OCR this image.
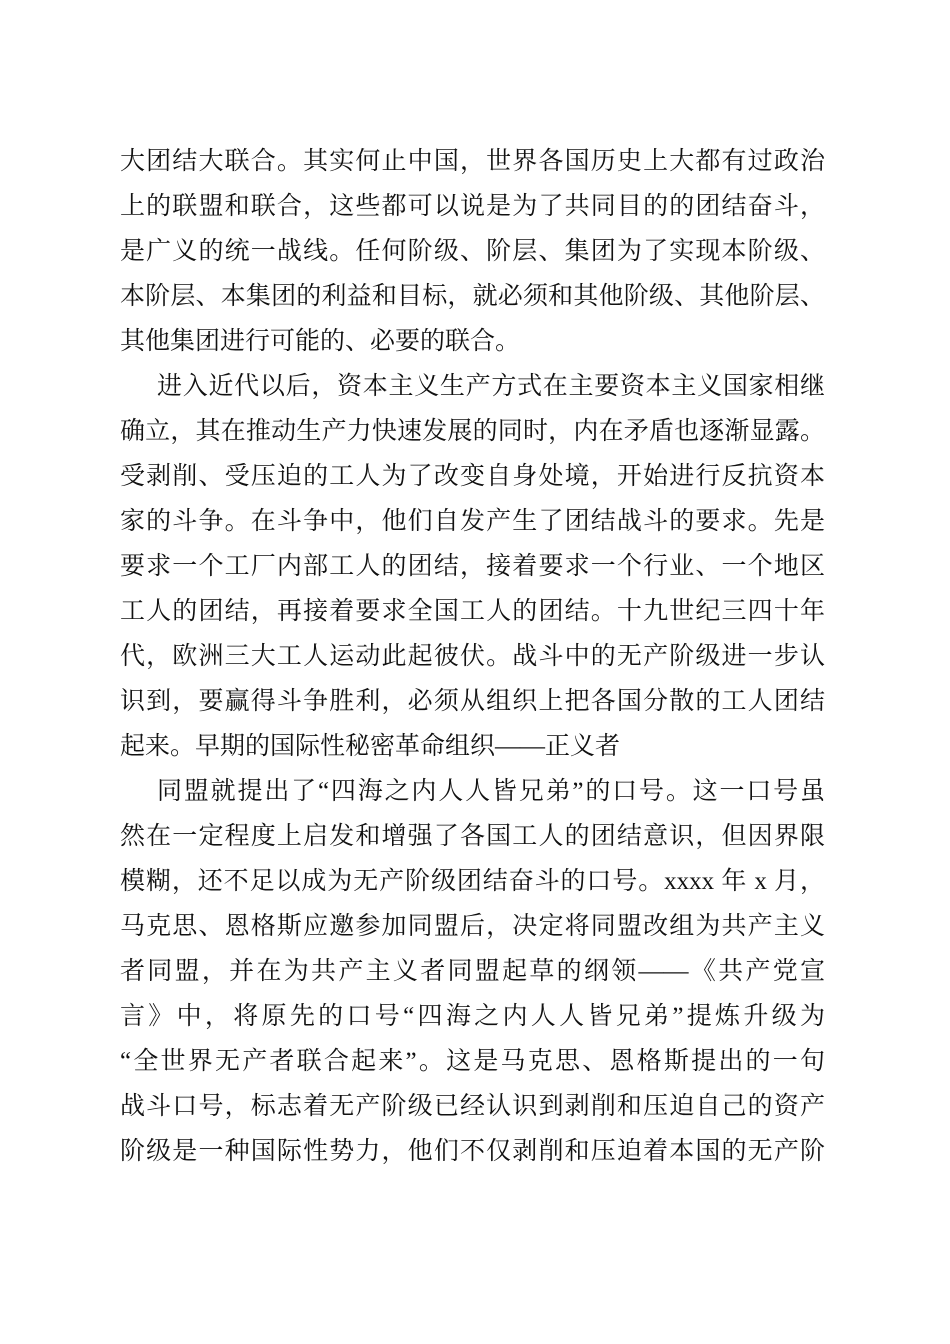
大团结大联合。其实何止中国，世界各国历史上大都有过政治
上的联盟和联合，这些都可以说是为了共同目的的团结奋斗，
是广义的统一战线。任何阶级、阶层、集团为了实现本阶级、
本阶层、本集团的利益和目标，就必须和其他阶级、其他阶层、
其他集团进行可能的、必要的联合。
进入近代以后，资本主义生产方式在主要资本主义国家相继
确立，其在推动生产力快速发展的同时，内在矛盾也逐渐显露。
受剥削、受压迫的工人为了改变自身处境，开始进行反抗资本
家的斗争。在斗争中，他们自发产生了团结战斗的要求。先是
要求一个工厂内部工人的团结，接着要求一个行业、一个地区
工人的团结，再接着要求全国工人的团结。十九世纪三四十年
代，欧洲三大工人运动此起彼伏。战斗中的无产阶级进一步认
识到，要赢得斗争胜利，必须从组织上把各国分散的工人团结
起来。早期的国际性秘密革命组织——正义者
同盟就提出了“四海之内人人皆兄弟”的口号。这一口号虽
然在一定程度上启发和增强了各国工人的团结意识，但因界限
模糊，还不足以成为无产阶级团结奋斗的口号。xxxx 年 x 月，
马克思、恩格斯应邀参加同盟后，决定将同盟改组为共产主义
者同盟，并在为共产主义者同盟起草的纲领——《共产党宣
言》中，将原先的口号“四海之内人人皆兄弟”提炼升级为
“全世界无产者联合起来”。这是马克思、恩格斯提出的一句
战斗口号，标志着无产阶级已经认识到剥削和压迫自己的资产
阶级是一种国际性势力，他们不仅剥削和压迫着本国的无产阶
